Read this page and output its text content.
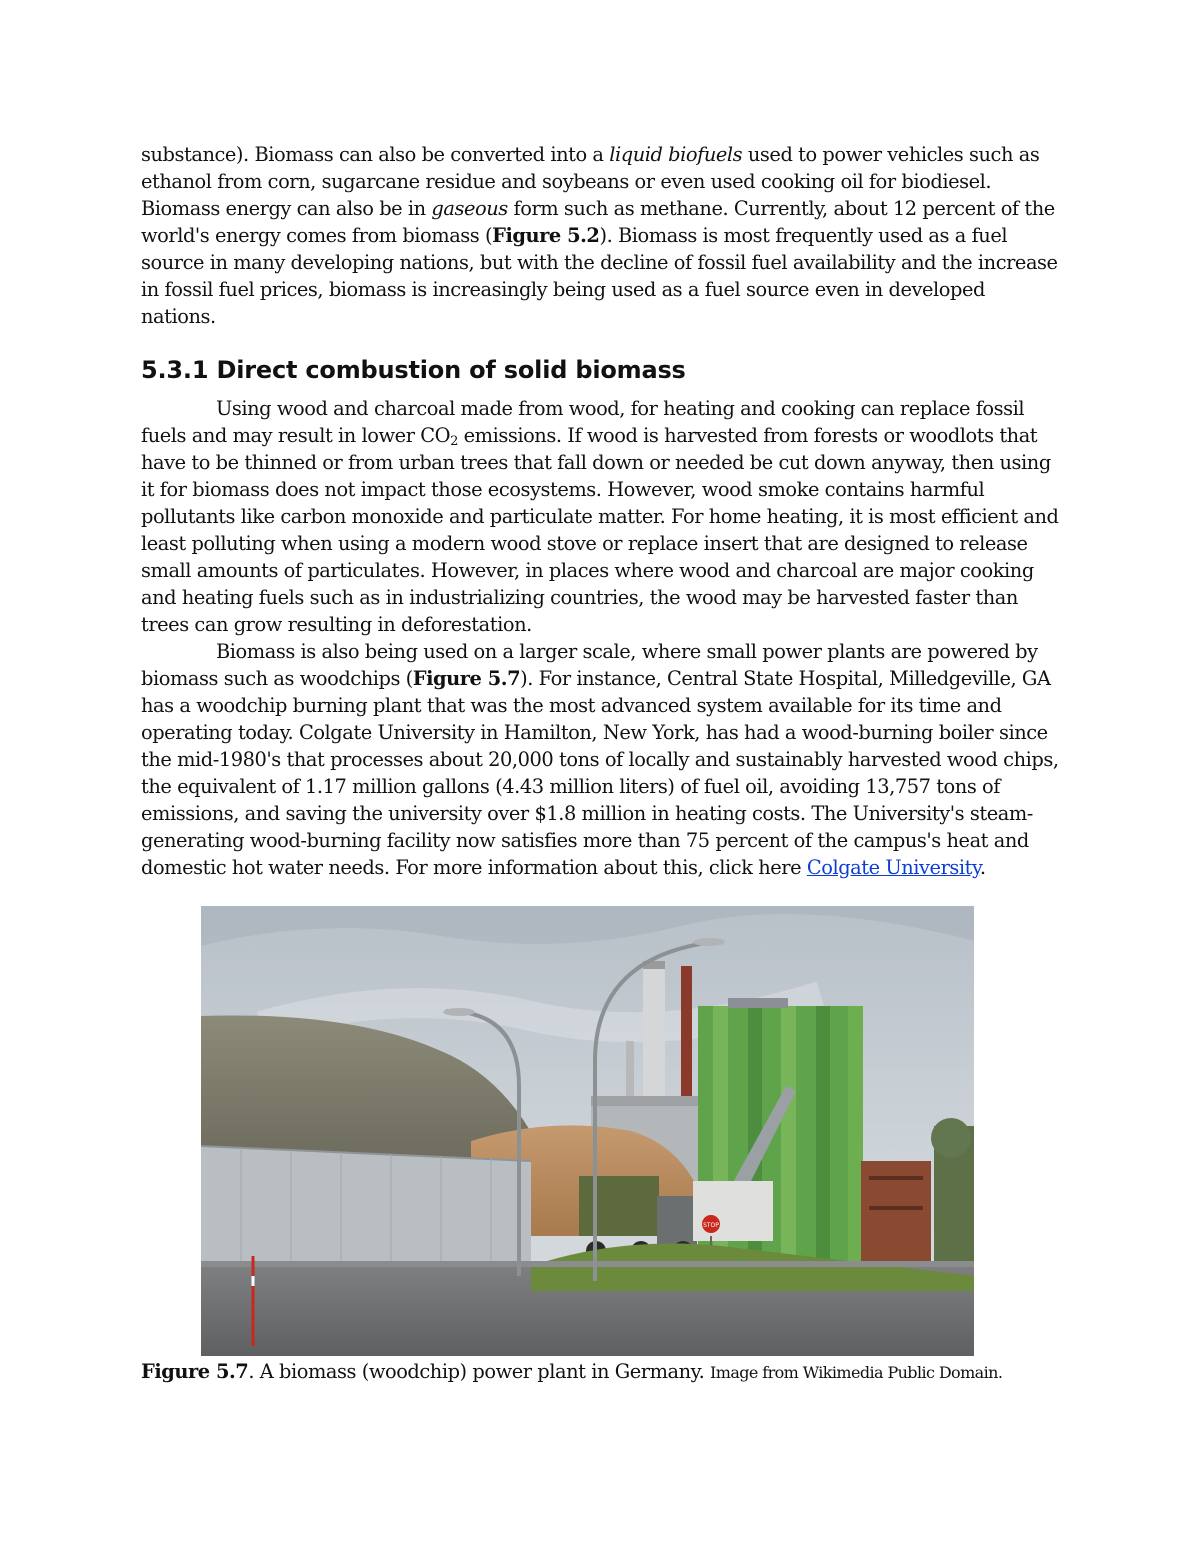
substance). Biomass can also be converted into a liquid biofuels used to power vehicles such as ethanol from corn, sugarcane residue and soybeans or even used cooking oil for biodiesel. Biomass energy can also be in gaseous form such as methane. Currently, about 12 percent of the world's energy comes from biomass (Figure 5.2). Biomass is most frequently used as a fuel source in many developing nations, but with the decline of fossil fuel availability and the increase in fossil fuel prices, biomass is increasingly being used as a fuel source even in developed nations.

5.3.1 Direct combustion of solid biomass

Using wood and charcoal made from wood, for heating and cooking can replace fossil fuels and may result in lower $CO_2$ emissions. If wood is harvested from forests or woodlots that have to be thinned or from urban trees that fall down or needed be cut down anyway, then using it for biomass does not impact those ecosystems. However, wood smoke contains harmful pollutants like carbon monoxide and particulate matter. For home heating, it is most efficient and least polluting when using a modern wood stove or replace insert that are designed to release small amounts of particulates. However, in places where wood and charcoal are major cooking and heating fuels such as in industrializing countries, the wood may be harvested faster than trees can grow resulting in deforestation.

Biomass is also being used on a larger scale, where small power plants are powered by biomass such as woodchips (Figure 5.7). For instance, Central State Hospital, Milledgeville, GA has a woodchip burning plant that was the most advanced system available for its time and operating today. Colgate University in Hamilton, New York, has had a wood-burning boiler since the mid-1980's that processes about 20,000 tons of locally and sustainably harvested wood chips, the equivalent of 1.17 million gallons (4.43 million liters) of fuel oil, avoiding 13,757 tons of emissions, and saving the university over $1.8 million in heating costs. The University's steam-generating wood-burning facility now satisfies more than 75 percent of the campus's heat and domestic hot water needs. For more information about this, click here Colgate University.

STOP
Figure 5.7. A biomass (woodchip) power plant in Germany. Image from Wikimedia Public Domain.
